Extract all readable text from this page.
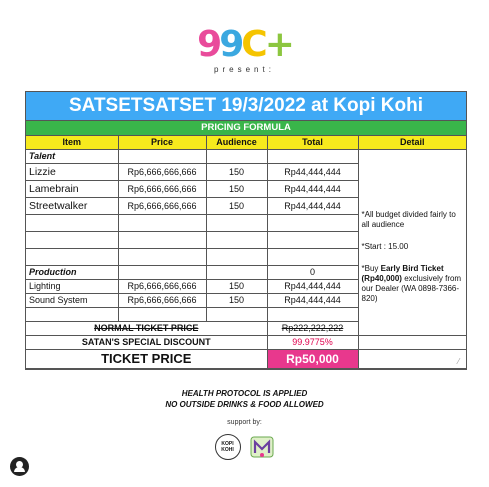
9 9 C +
present:
SATSETSATSET 19/3/2022 at Kopi Kohi
PRICING FORMULA
Item	Price	Audience	Total	Detail
Talent				*All budget divided fairly to all audience

*Start : 15.00

*Buy Early Bird Ticket (Rp40,000) exclusively from our Dealer (WA 0898-7366-820)

Lizzie	Rp6,666,666,666	150	Rp44,444,444	
Lamebrain	Rp6,666,666,666	150	Rp44,444,444	
Streetwalker	Rp6,666,666,666	150	Rp44,444,444	

Production			0	
Lighting	Rp6,666,666,666	150	Rp44,444,444	
Sound System	Rp6,666,666,666	150	Rp44,444,444	

NORMAL TICKET PRICE			Rp222,222,222	
SATAN'S SPECIAL DISCOUNT			99.9775%	
TICKET PRICE			Rp50,000		⁄
HEALTH PROTOCOL IS APPLIED
NO OUTSIDE DRINKS & FOOD ALLOWED
support by:
KOPI
KOHI
